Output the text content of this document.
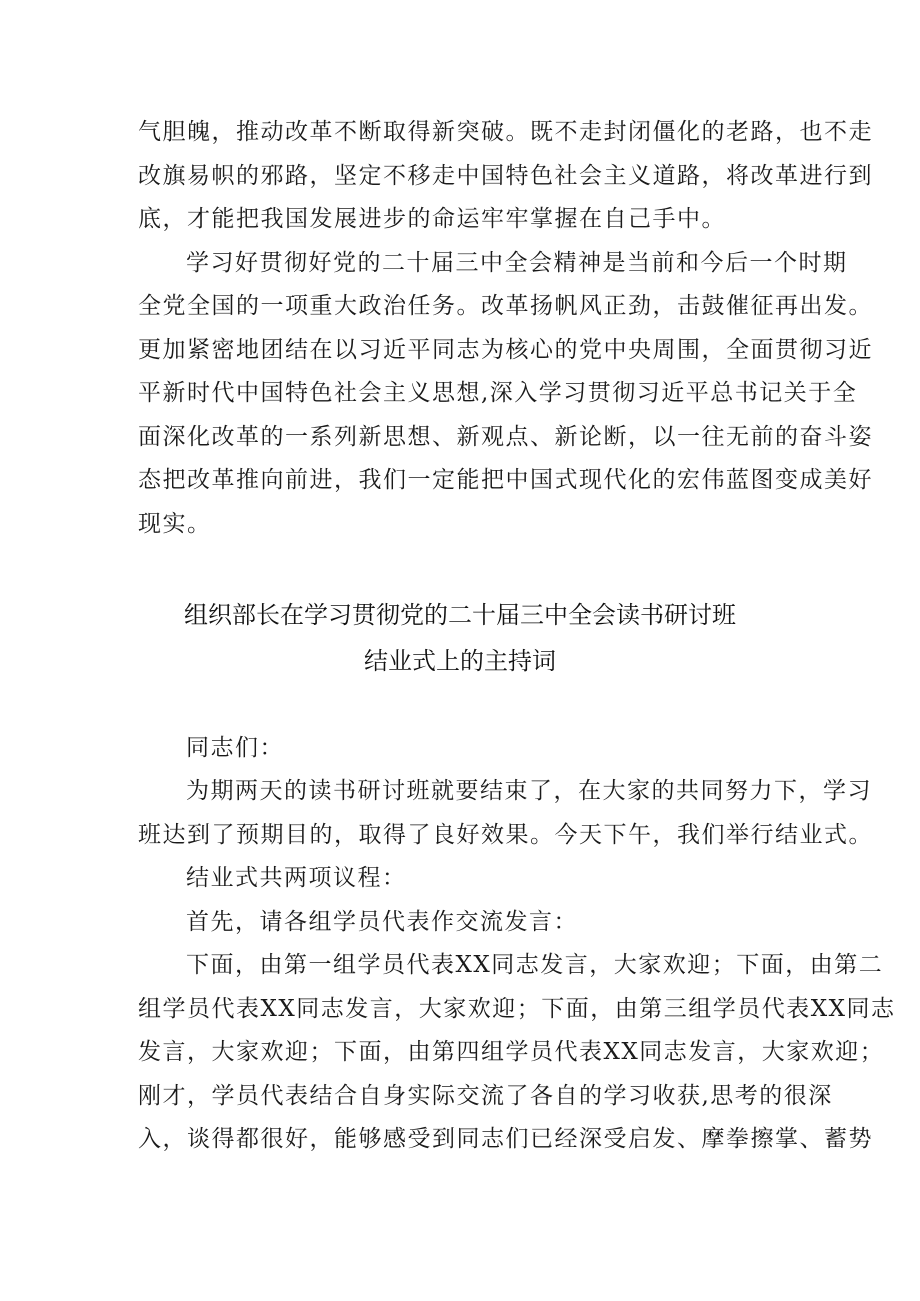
气胆魄，推动改革不断取得新突破。既不走封闭僵化的老路，也不走
改旗易帜的邪路，坚定不移走中国特色社会主义道路，将改革进行到
底，才能把我国发展进步的命运牢牢掌握在自己手中。
学习好贯彻好党的二十届三中全会精神是当前和今后一个时期
全党全国的一项重大政治任务。改革扬帆风正劲，击鼓催征再出发。
更加紧密地团结在以习近平同志为核心的党中央周围，全面贯彻习近
平新时代中国特色社会主义思想,深入学习贯彻习近平总书记关于全
面深化改革的一系列新思想、新观点、新论断，以一往无前的奋斗姿
态把改革推向前进，我们一定能把中国式现代化的宏伟蓝图变成美好
现实。
组织部长在学习贯彻党的二十届三中全会读书研讨班
结业式上的主持词
同志们：
为期两天的读书研讨班就要结束了，在大家的共同努力下，学习
班达到了预期目的，取得了良好效果。今天下午，我们举行结业式。
结业式共两项议程：
首先，请各组学员代表作交流发言：
下面，由第一组学员代表XX同志发言，大家欢迎；下面，由第二
组学员代表XX同志发言，大家欢迎；下面，由第三组学员代表XX同志
发言，大家欢迎；下面，由第四组学员代表XX同志发言，大家欢迎；
刚才，学员代表结合自身实际交流了各自的学习收获,思考的很深
入，谈得都很好，能够感受到同志们已经深受启发、摩拳擦掌、蓄势
